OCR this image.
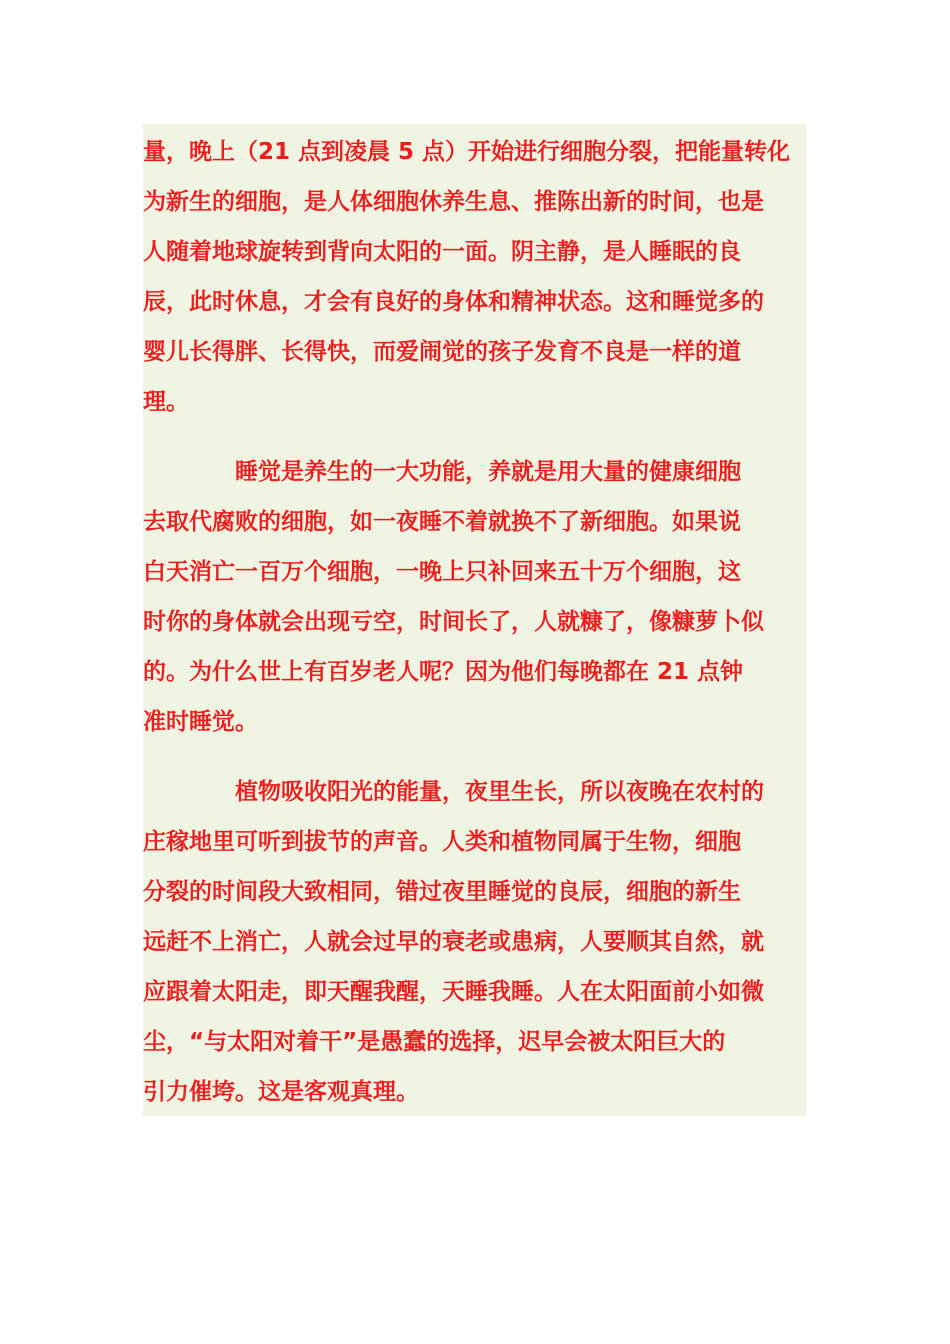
量，晚上（21 点到凌晨 5 点）开始进行细胞分裂，把能量转化
为新生的细胞，是人体细胞休养生息、推陈出新的时间，也是
人随着地球旋转到背向太阳的一面。阴主静，是人睡眠的良
辰，此时休息，才会有良好的身体和精神状态。这和睡觉多的
婴儿长得胖、长得快，而爱闹觉的孩子发育不良是一样的道
理。
睡觉是养生的一大功能，养就是用大量的健康细胞
去取代腐败的细胞，如一夜睡不着就换不了新细胞。如果说
白天消亡一百万个细胞，一晚上只补回来五十万个细胞，这
时你的身体就会出现亏空，时间长了，人就糠了，像糠萝卜似
的。为什么世上有百岁老人呢？因为他们每晚都在 21 点钟
准时睡觉。
植物吸收阳光的能量，夜里生长，所以夜晚在农村的
庄稼地里可听到拔节的声音。人类和植物同属于生物，细胞
分裂的时间段大致相同，错过夜里睡觉的良辰，细胞的新生
远赶不上消亡，人就会过早的衰老或患病，人要顺其自然，就
应跟着太阳走，即天醒我醒，天睡我睡。人在太阳面前小如微
尘，“与太阳对着干”是愚蠢的选择，迟早会被太阳巨大的
引力催垮。这是客观真理。
